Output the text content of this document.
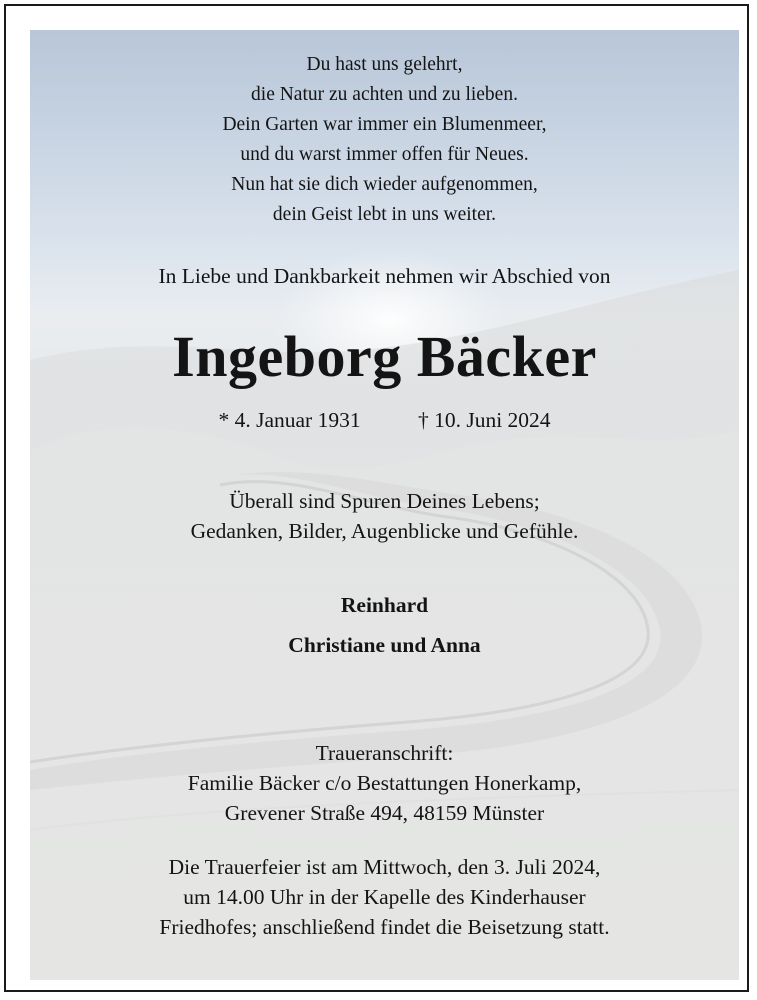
Du hast uns gelehrt,
die Natur zu achten und zu lieben.
Dein Garten war immer ein Blumenmeer,
und du warst immer offen für Neues.
Nun hat sie dich wieder aufgenommen,
dein Geist lebt in uns weiter.
In Liebe und Dankbarkeit nehmen wir Abschied von
Ingeborg Bäcker
* 4. Januar 1931	† 10. Juni 2024
Überall sind Spuren Deines Lebens;
Gedanken, Bilder, Augenblicke und Gefühle.
Reinhard
Christiane und Anna
Traueranschrift:
Familie Bäcker c/o Bestattungen Honerkamp,
Grevener Straße 494, 48159 Münster
Die Trauerfeier ist am Mittwoch, den 3. Juli 2024,
um 14.00 Uhr in der Kapelle des Kinderhauser
Friedhofes; anschließend findet die Beisetzung statt.
